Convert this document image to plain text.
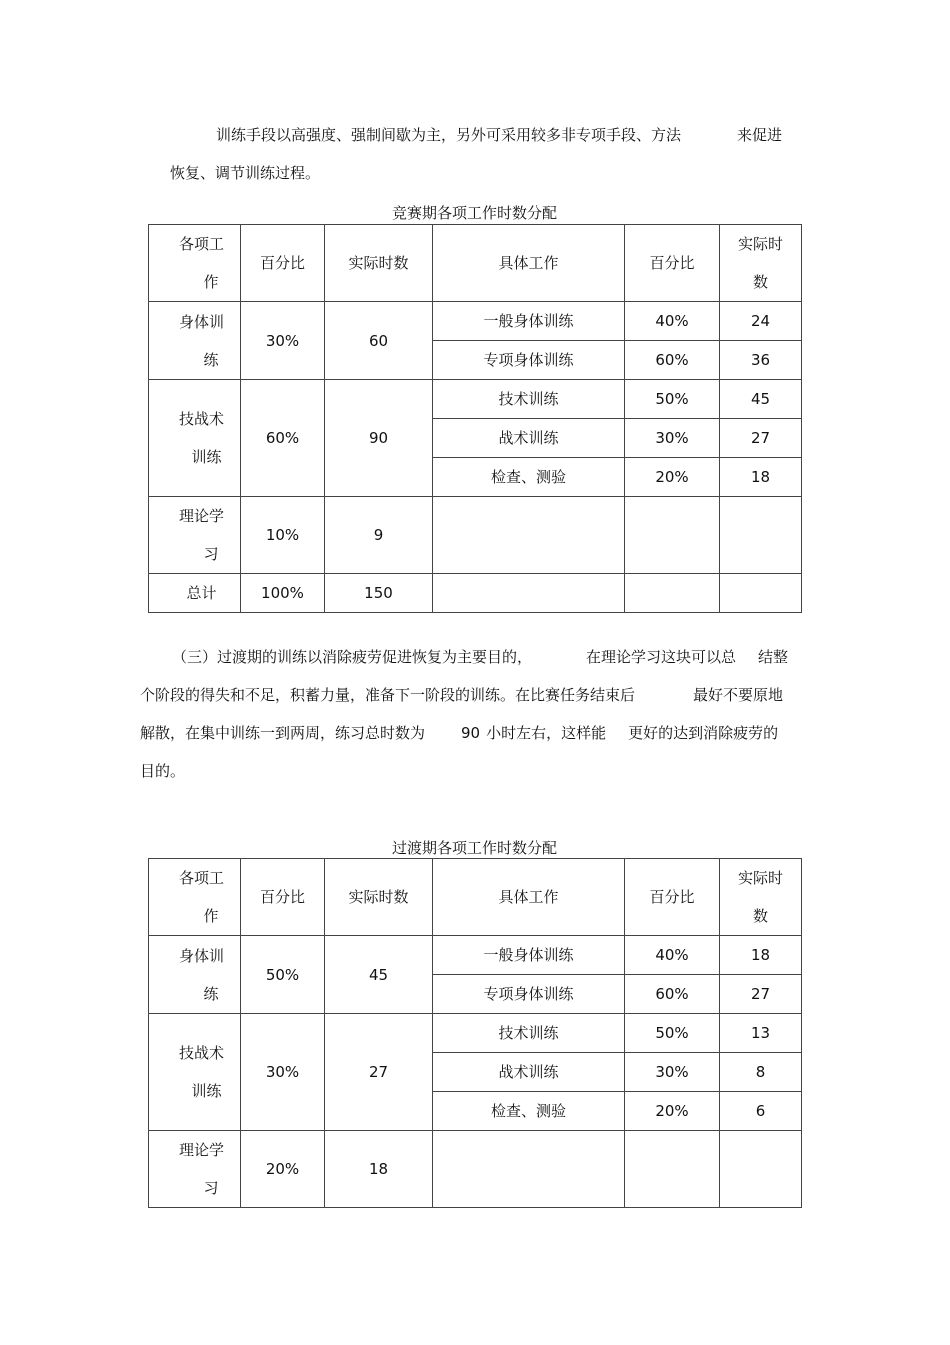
训练手段以高强度、强制间歇为主，另外可采用较多非专项手段、方法	来促进
恢复、调节训练过程。
竞赛期各项工作时数分配
各项工
作	百分比	实际时数	具体工作	百分比	实际时
数

身体训
练	30%	60	一般身体训练	40%	24
			专项身体训练	60%	36

技战术
训练	60%	90	技术训练	50%	45
			战术训练	30%	27
			检查、测验	20%	18

理论学
习	10%	9			
总计	100%	150			
（三）过渡期的训练以消除疲劳促进恢复为主要目的，	在理论学习这块可以总 结整
个阶段的得失和不足，积蓄力量，准备下一阶段的训练。在比赛任务结束后	最好不要原地
解散，在集中训练一到两周，练习总时数为 90 小时左右，这样能 更好的达到消除疲劳的
目的。
过渡期各项工作时数分配
各项工
作	百分比	实际时数	具体工作	百分比	实际时
数

身体训
练	50%	45	一般身体训练	40%	18
			专项身体训练	60%	27

技战术
训练	30%	27	技术训练	50%	13
			战术训练	30%	8
			检查、测验	20%	6

理论学
习	20%	18			
